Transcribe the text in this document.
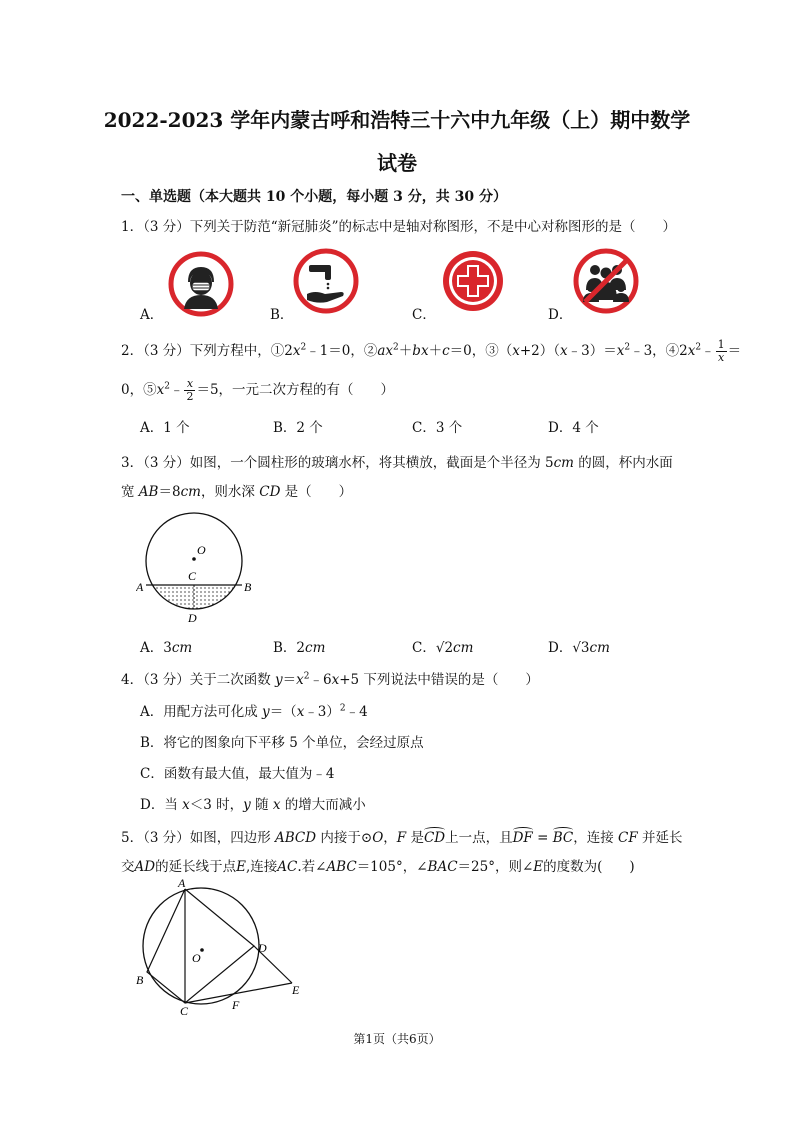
2022-2023 学年内蒙古呼和浩特三十六中九年级（上）期中数学
试卷
一、单选题（本大题共 10 个小题，每小题 3 分，共 30 分）
1．（3 分）下列关于防范“新冠肺炎”的标志中是轴对称图形，不是中心对称图形的是（　　）
A．	B．	C．	D．
2．（3 分）下列方程中，$①2x^2﹣1=0$，$②ax^2+bx+c=0$，$③(x+2)(x﹣3)=x^2﹣3$，$④2x^2﹣ \frac{1}{x}$ ＝
0，$⑤x^2﹣ \frac{x}{2} =5$，一元二次方程的有（　　）
A．1 个	B．2 个	C．3 个	D．4 个
3．（3 分）如图，一个圆柱形的玻璃水杯，将其横放，截面是个半径为 5cm 的圆，杯内水面
宽 AB＝8cm，则水深 CD 是（　　）
O
C
A	B
D
A．3cm	B．2cm	C．√2cm	D．√3cm
4．（3 分）关于二次函数 $y=x^2﹣6x+5$ 下列说法中错误的是（　　）
A．用配方法可化成 y＝（x﹣3）$^2$﹣4
B．将它的图象向下平移 5 个单位，会经过原点
C．函数有最大值，最大值为﹣4
D．当 x＜3 时，y 随 x 的增大而减小
5．（3 分）如图，四边形 ABCD 内接于⊙O，F 是CD上一点，且DF = BC，连接 CF 并延长
交AD的延长线于点E,连接AC.若∠ABC＝105°，∠BAC＝25°，则∠E的度数为(　　)
A
B
C
D
E
F
O
第1页（共6页）
